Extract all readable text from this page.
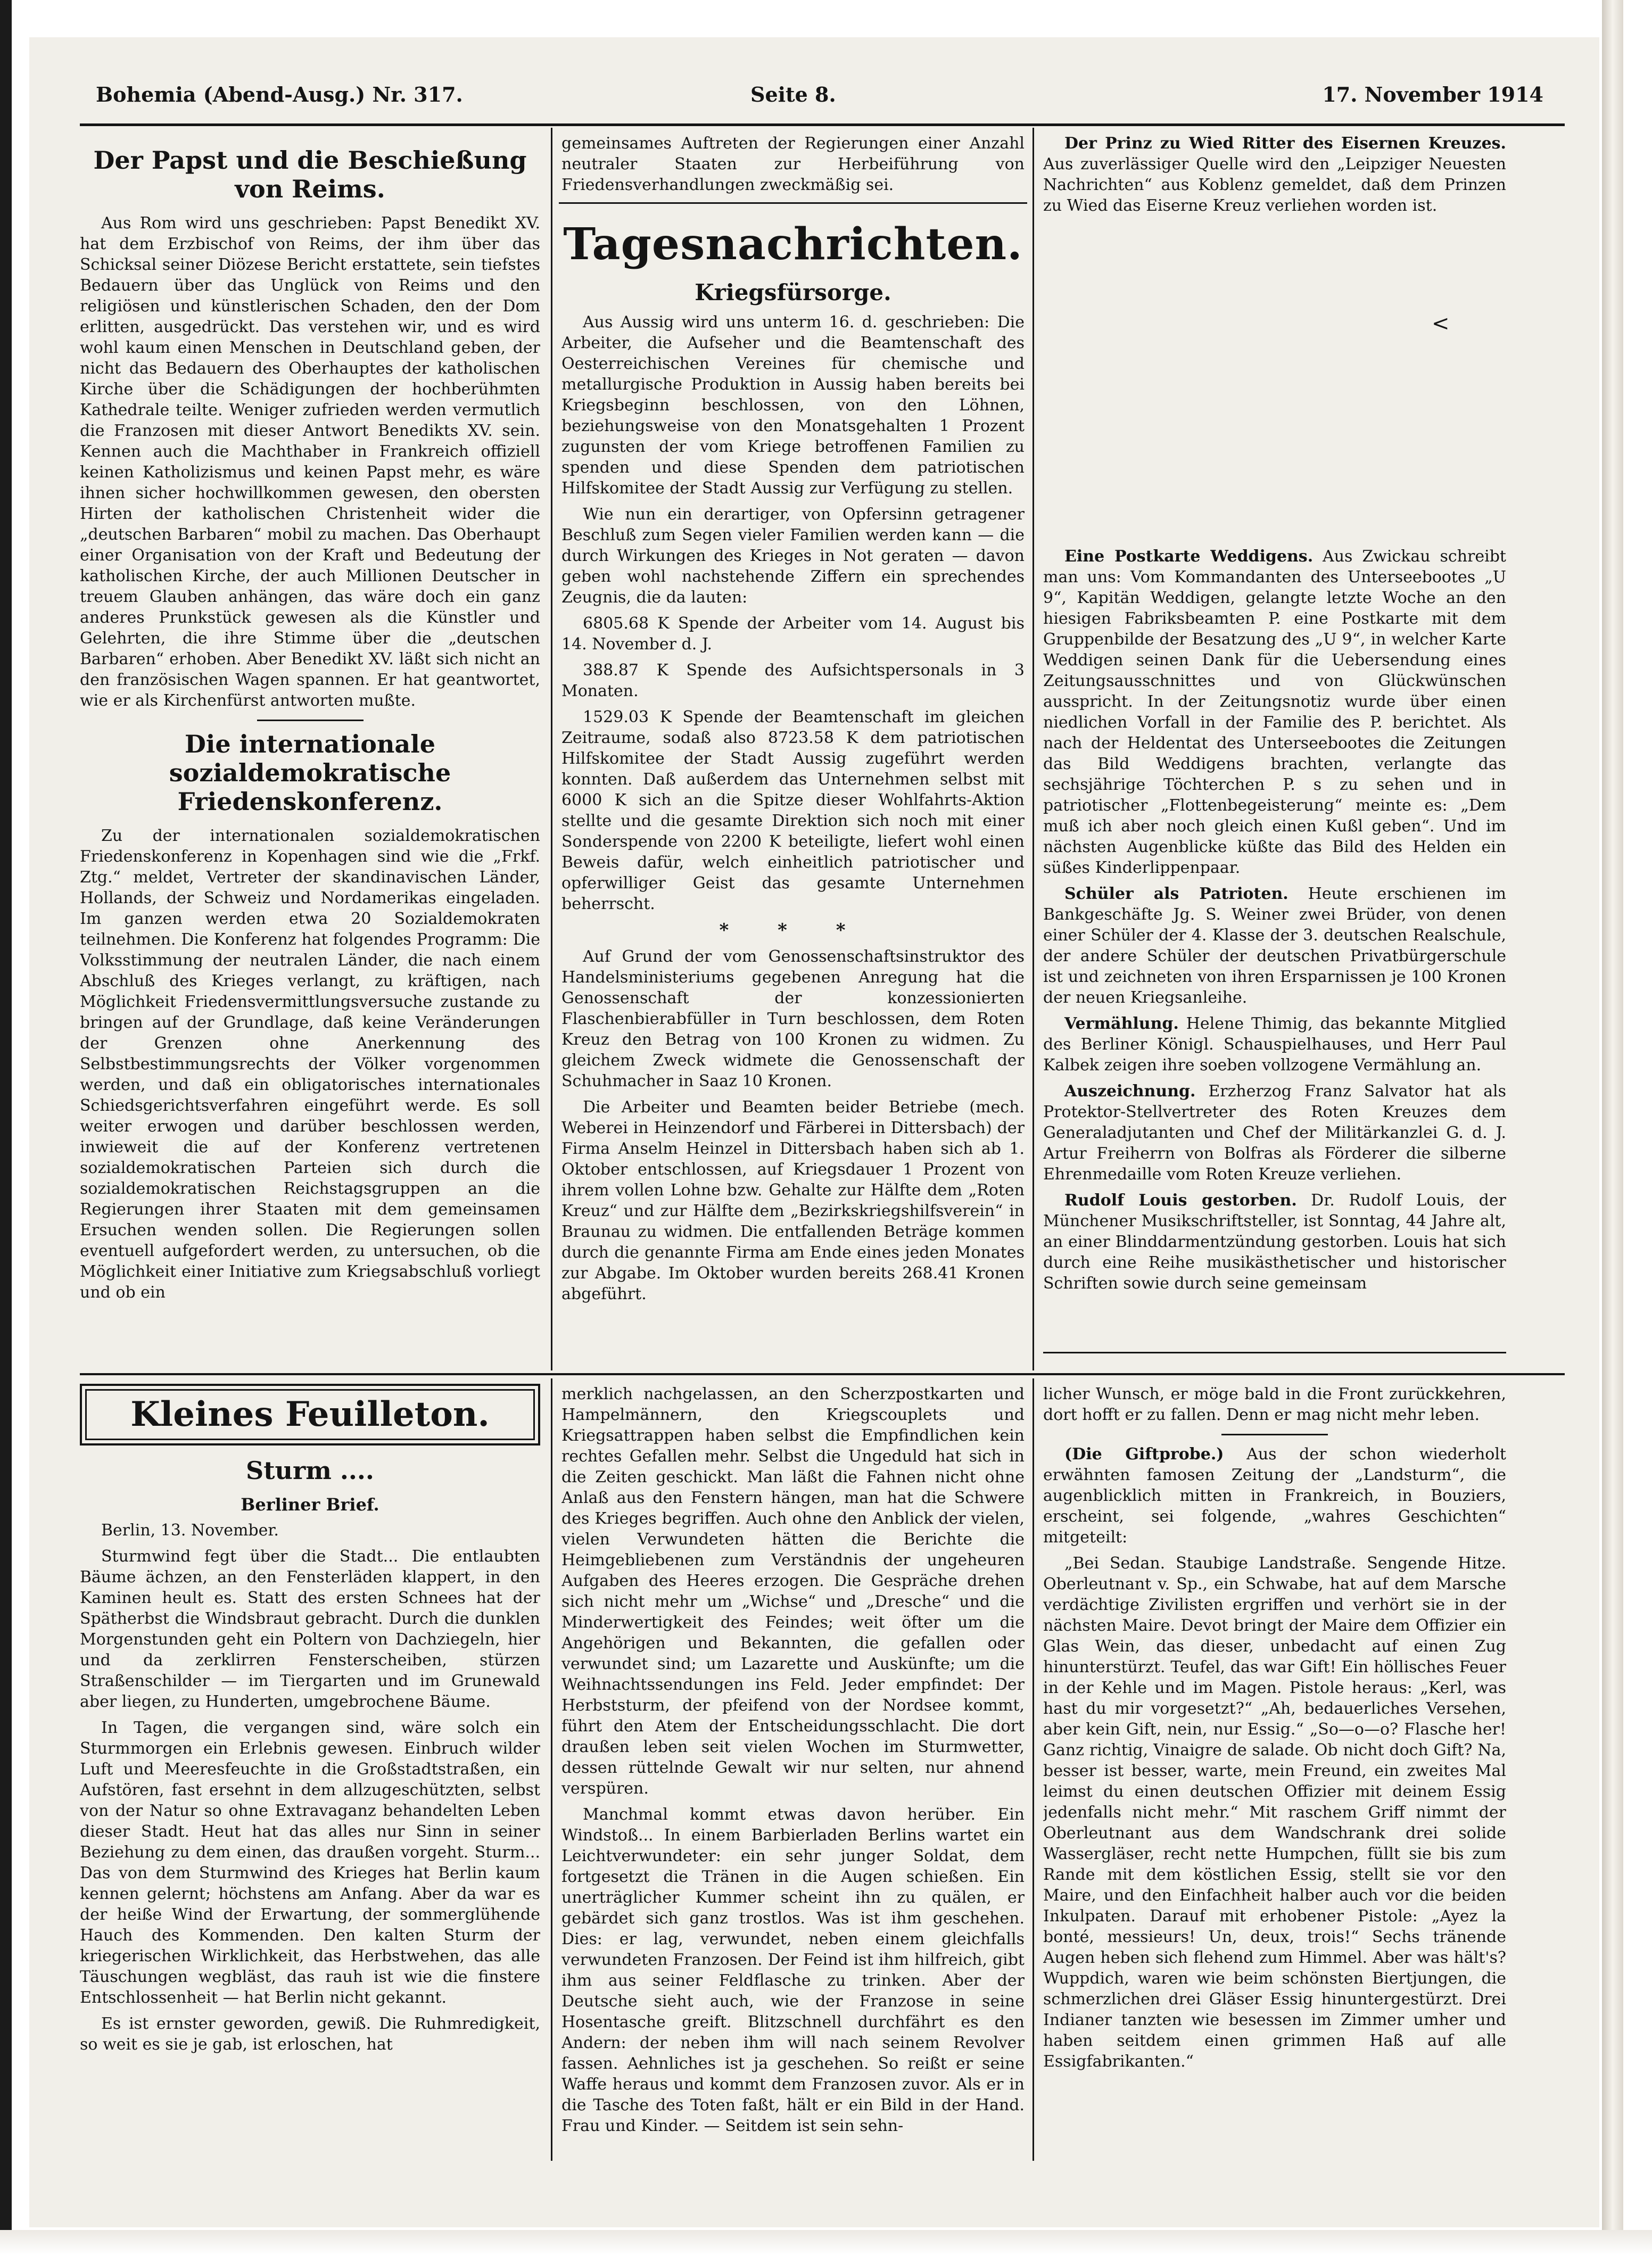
Bohemia (Abend-Ausg.) Nr. 317.	Seite 8.	17. November 1914
Der Papst und die Beschießung von Reims.

Aus Rom wird uns geschrieben: Papst Benedikt XV. hat dem Erzbischof von Reims, der ihm über das Schicksal seiner Diözese Bericht erstattete, sein tiefstes Bedauern über das Unglück von Reims und den religiösen und künstlerischen Schaden, den der Dom erlitten, ausgedrückt. Das verstehen wir, und es wird wohl kaum einen Menschen in Deutschland geben, der nicht das Bedauern des Oberhauptes der katholischen Kirche über die Schädigungen der hochberühmten Kathedrale teilte. Weniger zufrieden werden vermutlich die Franzosen mit dieser Antwort Benedikts XV. sein. Kennen auch die Machthaber in Frankreich offiziell keinen Katholizismus und keinen Papst mehr, es wäre ihnen sicher hochwillkommen gewesen, den obersten Hirten der katholischen Christenheit wider die „deutschen Barbaren“ mobil zu machen. Das Oberhaupt einer Organisation von der Kraft und Bedeutung der katholischen Kirche, der auch Millionen Deutscher in treuem Glauben anhängen, das wäre doch ein ganz anderes Prunkstück gewesen als die Künstler und Gelehrten, die ihre Stimme über die „deutschen Barbaren“ erhoben. Aber Benedikt XV. läßt sich nicht an den französischen Wagen spannen. Er hat geantwortet, wie er als Kirchenfürst antworten mußte.

Die internationale sozialdemokratische Friedenskonferenz.

Zu der internationalen sozialdemokratischen Friedenskonferenz in Kopenhagen sind wie die „Frkf. Ztg.“ meldet, Vertreter der skandinavischen Länder, Hollands, der Schweiz und Nordamerikas eingeladen. Im ganzen werden etwa 20 Sozialdemokraten teilnehmen. Die Konferenz hat folgendes Programm: Die Volksstimmung der neutralen Länder, die nach einem Abschluß des Krieges verlangt, zu kräftigen, nach Möglichkeit Friedensvermittlungsversuche zustande zu bringen auf der Grundlage, daß keine Veränderungen der Grenzen ohne Anerkennung des Selbstbestimmungsrechts der Völker vorgenommen werden, und daß ein obligatorisches internationales Schiedsgerichtsverfahren eingeführt werde. Es soll weiter erwogen und darüber beschlossen werden, inwieweit die auf der Konferenz vertretenen sozialdemokratischen Parteien sich durch die sozialdemokratischen Reichstagsgruppen an die Regierungen ihrer Staaten mit dem gemeinsamen Ersuchen wenden sollen. Die Regierungen sollen eventuell aufgefordert werden, zu untersuchen, ob die Möglichkeit einer Initiative zum Kriegsabschluß vorliegt und ob ein

gemeinsames Auftreten der Regierungen einer Anzahl neutraler Staaten zur Herbeiführung von Friedensverhandlungen zweckmäßig sei.

Tagesnachrichten.
Kriegsfürsorge.

Aus Aussig wird uns unterm 16. d. geschrieben: Die Arbeiter, die Aufseher und die Beamtenschaft des Oesterreichischen Vereines für chemische und metallurgische Produktion in Aussig haben bereits bei Kriegsbeginn beschlossen, von den Löhnen, beziehungsweise von den Monatsgehalten 1 Prozent zugunsten der vom Kriege betroffenen Familien zu spenden und diese Spenden dem patriotischen Hilfskomitee der Stadt Aussig zur Verfügung zu stellen.

Wie nun ein derartiger, von Opfersinn getragener Beschluß zum Segen vieler Familien werden kann — die durch Wirkungen des Krieges in Not geraten — davon geben wohl nachstehende Ziffern ein sprechendes Zeugnis, die da lauten:

6805.68 K Spende der Arbeiter vom 14. August bis 14. November d. J.

388.87 K Spende des Aufsichtspersonals in 3 Monaten.

1529.03 K Spende der Beamtenschaft im gleichen Zeitraume, sodaß also 8723.58 K dem patriotischen Hilfskomitee der Stadt Aussig zugeführt werden konnten. Daß außerdem das Unternehmen selbst mit 6000 K sich an die Spitze dieser Wohlfahrts-Aktion stellte und die gesamte Direktion sich noch mit einer Sonderspende von 2200 K beteiligte, liefert wohl einen Beweis dafür, welch einheitlich patriotischer und opferwilliger Geist das gesamte Unternehmen beherrscht.

* * *

Auf Grund der vom Genossenschaftsinstruktor des Handelsministeriums gegebenen Anregung hat die Genossenschaft der konzessionierten Flaschenbierabfüller in Turn beschlossen, dem Roten Kreuz den Betrag von 100 Kronen zu widmen. Zu gleichem Zweck widmete die Genossenschaft der Schuhmacher in Saaz 10 Kronen.

Die Arbeiter und Beamten beider Betriebe (mech. Weberei in Heinzendorf und Färberei in Dittersbach) der Firma Anselm Heinzel in Dittersbach haben sich ab 1. Oktober entschlossen, auf Kriegsdauer 1 Prozent von ihrem vollen Lohne bzw. Gehalte zur Hälfte dem „Roten Kreuz“ und zur Hälfte dem „Bezirkskriegshilfsverein“ in Braunau zu widmen. Die entfallenden Beträge kommen durch die genannte Firma am Ende eines jeden Monates zur Abgabe. Im Oktober wurden bereits 268.41 Kronen abgeführt.

Der Prinz zu Wied Ritter des Eisernen Kreuzes. Aus zuverlässiger Quelle wird den „Leipziger Neuesten Nachrichten“ aus Koblenz gemeldet, daß dem Prinzen zu Wied das Eiserne Kreuz verliehen worden ist.

Eine Postkarte Weddigens. Aus Zwickau schreibt man uns: Vom Kommandanten des Unterseebootes „U 9“, Kapitän Weddigen, gelangte letzte Woche an den hiesigen Fabriksbeamten P. eine Postkarte mit dem Gruppenbilde der Besatzung des „U 9“, in welcher Karte Weddigen seinen Dank für die Uebersendung eines Zeitungsausschnittes und von Glückwünschen ausspricht. In der Zeitungsnotiz wurde über einen niedlichen Vorfall in der Familie des P. berichtet. Als nach der Heldentat des Unterseebootes die Zeitungen das Bild Weddigens brachten, verlangte das sechsjährige Töchterchen P. s zu sehen und in patriotischer „Flottenbegeisterung“ meinte es: „Dem muß ich aber noch gleich einen Kußl geben“. Und im nächsten Augenblicke küßte das Bild des Helden ein süßes Kinderlippenpaar.

Schüler als Patrioten. Heute erschienen im Bankgeschäfte Jg. S. Weiner zwei Brüder, von denen einer Schüler der 4. Klasse der 3. deutschen Realschule, der andere Schüler der deutschen Privatbürgerschule ist und zeichneten von ihren Ersparnissen je 100 Kronen der neuen Kriegsanleihe.

Vermählung. Helene Thimig, das bekannte Mitglied des Berliner Königl. Schauspielhauses, und Herr Paul Kalbek zeigen ihre soeben vollzogene Vermählung an.

Auszeichnung. Erzherzog Franz Salvator hat als Protektor-Stellvertreter des Roten Kreuzes dem Generaladjutanten und Chef der Militärkanzlei G. d. J. Artur Freiherrn von Bolfras als Förderer die silberne Ehrenmedaille vom Roten Kreuze verliehen.

Rudolf Louis gestorben. Dr. Rudolf Louis, der Münchener Musikschriftsteller, ist Sonntag, 44 Jahre alt, an einer Blinddarmentzündung gestorben. Louis hat sich durch eine Reihe musikästhetischer und historischer Schriften sowie durch seine gemeinsam

<
Kleines Feuilleton.
Sturm ....
Berliner Brief.

Berlin, 13. November.

Sturmwind fegt über die Stadt... Die entlaubten Bäume ächzen, an den Fensterläden klappert, in den Kaminen heult es. Statt des ersten Schnees hat der Spätherbst die Windsbraut gebracht. Durch die dunklen Morgenstunden geht ein Poltern von Dachziegeln, hier und da zerklirren Fensterscheiben, stürzen Straßenschilder — im Tiergarten und im Grunewald aber liegen, zu Hunderten, umgebrochene Bäume.

In Tagen, die vergangen sind, wäre solch ein Sturmmorgen ein Erlebnis gewesen. Einbruch wilder Luft und Meeresfeuchte in die Großstadtstraßen, ein Aufstören, fast ersehnt in dem allzugeschützten, selbst von der Natur so ohne Extravaganz behandelten Leben dieser Stadt. Heut hat das alles nur Sinn in seiner Beziehung zu dem einen, das draußen vorgeht. Sturm... Das von dem Sturmwind des Krieges hat Berlin kaum kennen gelernt; höchstens am Anfang. Aber da war es der heiße Wind der Erwartung, der sommerglühende Hauch des Kommenden. Den kalten Sturm der kriegerischen Wirklichkeit, das Herbstwehen, das alle Täuschungen wegbläst, das rauh ist wie die finstere Entschlossenheit — hat Berlin nicht gekannt.

Es ist ernster geworden, gewiß. Die Ruhmredigkeit, so weit es sie je gab, ist erloschen, hat

merklich nachgelassen, an den Scherzpostkarten und Hampelmännern, den Kriegscouplets und Kriegsattrappen haben selbst die Empfindlichen kein rechtes Gefallen mehr. Selbst die Ungeduld hat sich in die Zeiten geschickt. Man läßt die Fahnen nicht ohne Anlaß aus den Fenstern hängen, man hat die Schwere des Krieges begriffen. Auch ohne den Anblick der vielen, vielen Verwundeten hätten die Berichte die Heimgebliebenen zum Verständnis der ungeheuren Aufgaben des Heeres erzogen. Die Gespräche drehen sich nicht mehr um „Wichse“ und „Dresche“ und die Minderwertigkeit des Feindes; weit öfter um die Angehörigen und Bekannten, die gefallen oder verwundet sind; um Lazarette und Auskünfte; um die Weihnachtssendungen ins Feld. Jeder empfindet: Der Herbststurm, der pfeifend von der Nordsee kommt, führt den Atem der Entscheidungsschlacht. Die dort draußen leben seit vielen Wochen im Sturmwetter, dessen rüttelnde Gewalt wir nur selten, nur ahnend verspüren.

Manchmal kommt etwas davon herüber. Ein Windstoß... In einem Barbierladen Berlins wartet ein Leichtverwundeter: ein sehr junger Soldat, dem fortgesetzt die Tränen in die Augen schießen. Ein unerträglicher Kummer scheint ihn zu quälen, er gebärdet sich ganz trostlos. Was ist ihm geschehen. Dies: er lag, verwundet, neben einem gleichfalls verwundeten Franzosen. Der Feind ist ihm hilfreich, gibt ihm aus seiner Feldflasche zu trinken. Aber der Deutsche sieht auch, wie der Franzose in seine Hosentasche greift. Blitzschnell durchfährt es den Andern: der neben ihm will nach seinem Revolver fassen. Aehnliches ist ja geschehen. So reißt er seine Waffe heraus und kommt dem Franzosen zuvor. Als er in die Tasche des Toten faßt, hält er ein Bild in der Hand. Frau und Kinder. — Seitdem ist sein sehn-

licher Wunsch, er möge bald in die Front zurückkehren, dort hofft er zu fallen. Denn er mag nicht mehr leben.

(Die Giftprobe.) Aus der schon wiederholt erwähnten famosen Zeitung der „Landsturm“, die augenblicklich mitten in Frankreich, in Bouziers, erscheint, sei folgende, „wahres Geschichten“ mitgeteilt:

„Bei Sedan. Staubige Landstraße. Sengende Hitze. Oberleutnant v. Sp., ein Schwabe, hat auf dem Marsche verdächtige Zivilisten ergriffen und verhört sie in der nächsten Maire. Devot bringt der Maire dem Offizier ein Glas Wein, das dieser, unbedacht auf einen Zug hinunterstürzt. Teufel, das war Gift! Ein höllisches Feuer in der Kehle und im Magen. Pistole heraus: „Kerl, was hast du mir vorgesetzt?“ „Ah, bedauerliches Versehen, aber kein Gift, nein, nur Essig.“ „So—o—o? Flasche her! Ganz richtig, Vinaigre de salade. Ob nicht doch Gift? Na, besser ist besser, warte, mein Freund, ein zweites Mal leimst du einen deutschen Offizier mit deinem Essig jedenfalls nicht mehr.“ Mit raschem Griff nimmt der Oberleutnant aus dem Wandschrank drei solide Wassergläser, recht nette Humpchen, füllt sie bis zum Rande mit dem köstlichen Essig, stellt sie vor den Maire, und den Einfachheit halber auch vor die beiden Inkulpaten. Darauf mit erhobener Pistole: „Ayez la bonté, messieurs! Un, deux, trois!“ Sechs tränende Augen heben sich flehend zum Himmel. Aber was hält's? Wuppdich, waren wie beim schönsten Biertjungen, die schmerzlichen drei Gläser Essig hinuntergestürzt. Drei Indianer tanzten wie besessen im Zimmer umher und haben seitdem einen grimmen Haß auf alle Essigfabrikanten.“
